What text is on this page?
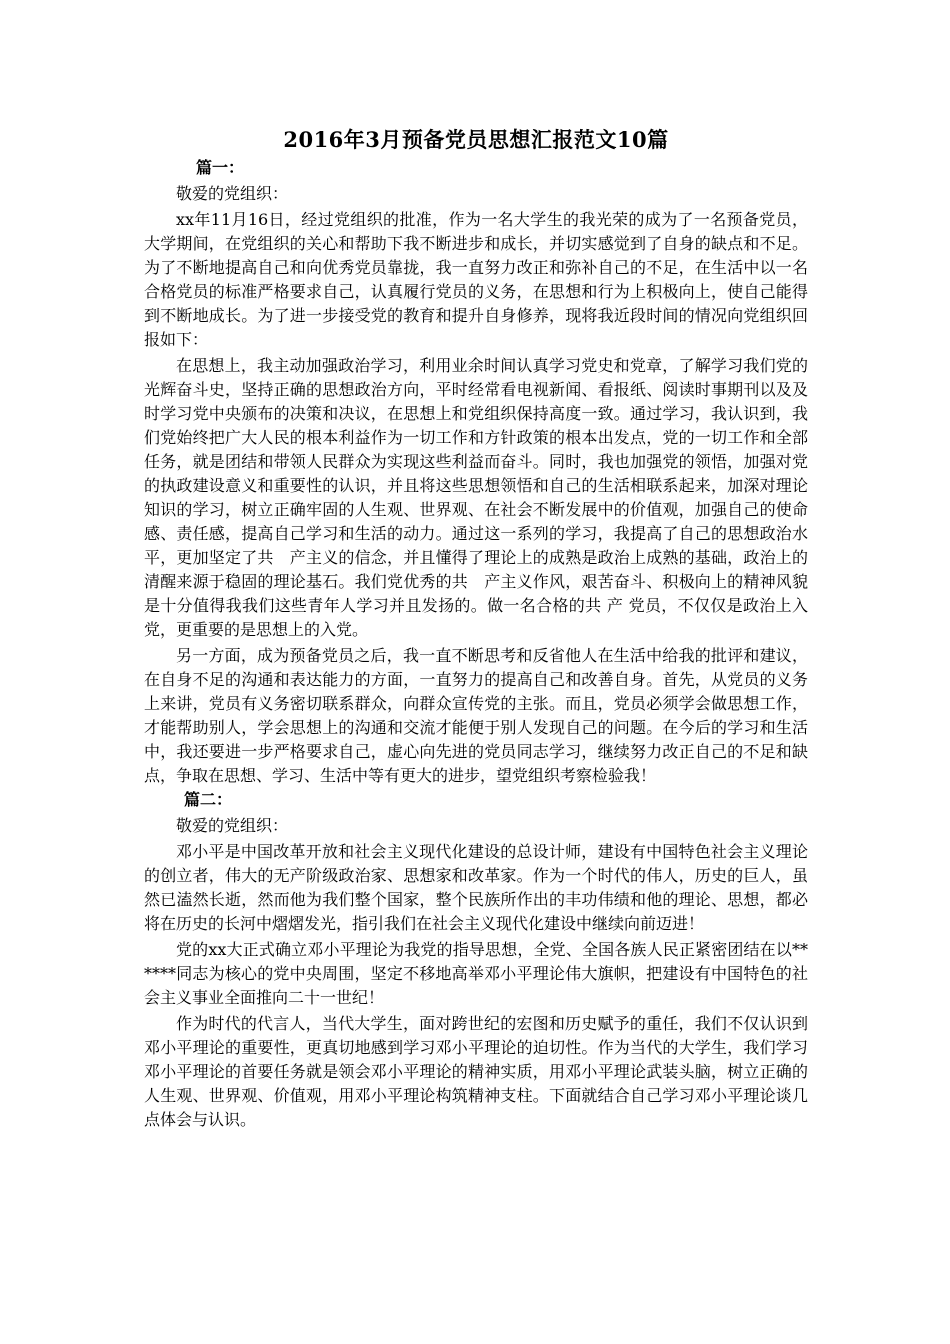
2016年3月预备党员思想汇报范文10篇

篇一：

敬爱的党组织：

xx年11月16日，经过党组织的批准，作为一名大学生的我光荣的成为了一名预备党员，大学期间，在党组织的关心和帮助下我不断进步和成长，并切实感觉到了自身的缺点和不足。为了不断地提高自己和向优秀党员靠拢，我一直努力改正和弥补自己的不足，在生活中以一名合格党员的标准严格要求自己，认真履行党员的义务，在思想和行为上积极向上，使自己能得到不断地成长。为了进一步接受党的教育和提升自身修养，现将我近段时间的情况向党组织回报如下：

在思想上，我主动加强政治学习，利用业余时间认真学习党史和党章，了解学习我们党的光辉奋斗史，坚持正确的思想政治方向，平时经常看电视新闻、看报纸、阅读时事期刊以及及时学习党中央颁布的决策和决议，在思想上和党组织保持高度一致。通过学习，我认识到，我们党始终把广大人民的根本利益作为一切工作和方针政策的根本出发点，党的一切工作和全部任务，就是团结和带领人民群众为实现这些利益而奋斗。同时，我也加强党的领悟，加强对党的执政建设意义和重要性的认识，并且将这些思想领悟和自己的生活相联系起来，加深对理论知识的学习，树立正确牢固的人生观、世界观、在社会不断发展中的价值观，加强自己的使命感、责任感，提高自己学习和生活的动力。通过这一系列的学习，我提高了自己的思想政治水平，更加坚定了共　产主义的信念，并且懂得了理论上的成熟是政治上成熟的基础，政治上的清醒来源于稳固的理论基石。我们党优秀的共　产主义作风，艰苦奋斗、积极向上的精神风貌是十分值得我我们这些青年人学习并且发扬的。做一名合格的共 产 党员，不仅仅是政治上入党，更重要的是思想上的入党。

另一方面，成为预备党员之后，我一直不断思考和反省他人在生活中给我的批评和建议，在自身不足的沟通和表达能力的方面，一直努力的提高自己和改善自身。首先，从党员的义务上来讲，党员有义务密切联系群众，向群众宣传党的主张。而且，党员必须学会做思想工作，才能帮助别人，学会思想上的沟通和交流才能便于别人发现自己的问题。在今后的学习和生活中，我还要进一步严格要求自己，虚心向先进的党员同志学习，继续努力改正自己的不足和缺点，争取在思想、学习、生活中等有更大的进步，望党组织考察检验我！

篇二：

敬爱的党组织：

邓小平是中国改革开放和社会主义现代化建设的总设计师，建设有中国特色社会主义理论的创立者，伟大的无产阶级政治家、思想家和改革家。作为一个时代的伟人，历史的巨人，虽然已溘然长逝，然而他为我们整个国家，整个民族所作出的丰功伟绩和他的理论、思想，都必将在历史的长河中熠熠发光，指引我们在社会主义现代化建设中继续向前迈进！

党的xx大正式确立邓小平理论为我党的指导思想，全党、全国各族人民正紧密团结在以******同志为核心的党中央周围，坚定不移地高举邓小平理论伟大旗帜，把建设有中国特色的社会主义事业全面推向二十一世纪！

作为时代的代言人，当代大学生，面对跨世纪的宏图和历史赋予的重任，我们不仅认识到邓小平理论的重要性，更真切地感到学习邓小平理论的迫切性。作为当代的大学生，我们学习邓小平理论的首要任务就是领会邓小平理论的精神实质，用邓小平理论武装头脑，树立正确的人生观、世界观、价值观，用邓小平理论构筑精神支柱。下面就结合自己学习邓小平理论谈几点体会与认识。
